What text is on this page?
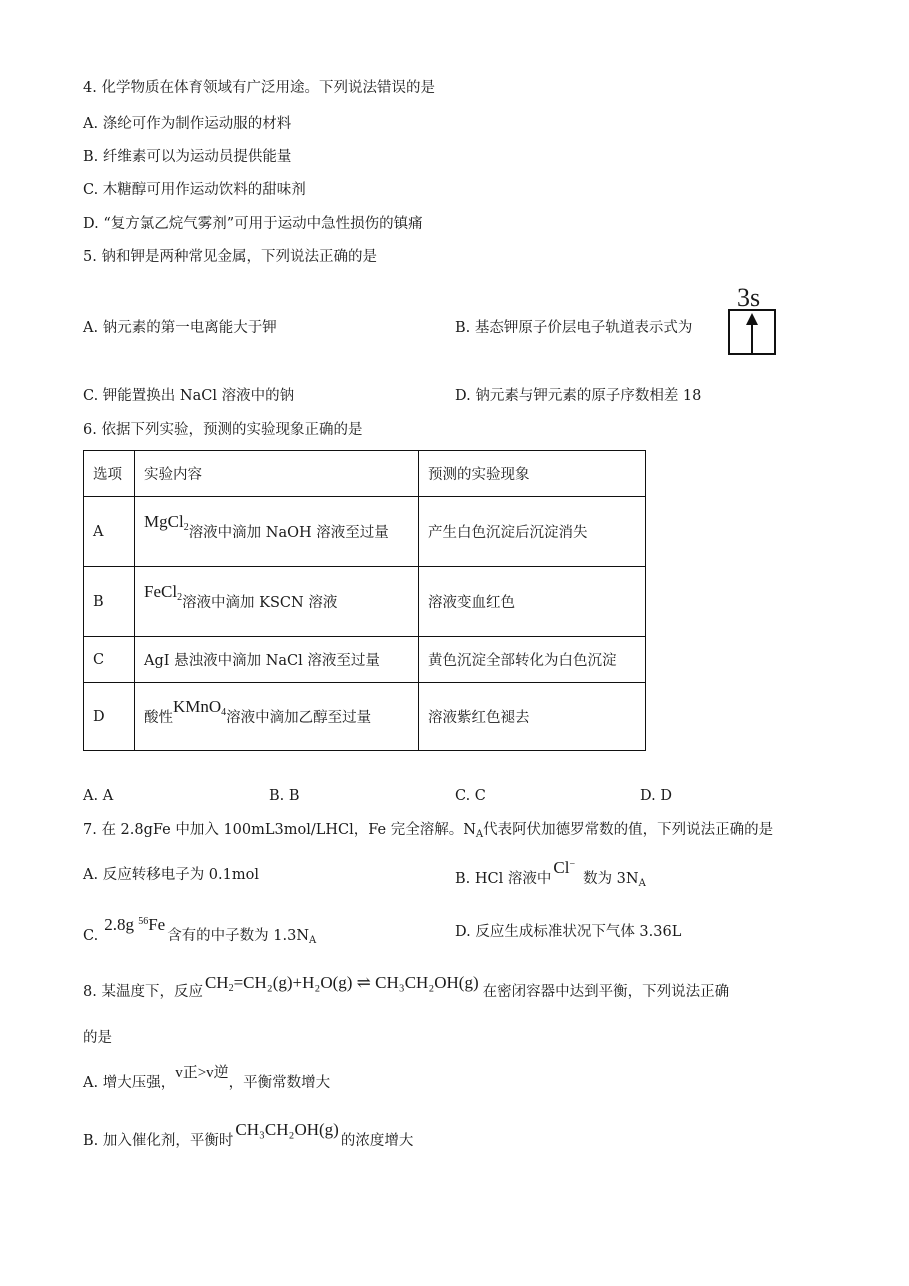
4. 化学物质在体育领域有广泛用途。下列说法错误的是
A. 涤纶可作为制作运动服的材料
B. 纤维素可以为运动员提供能量
C. 木糖醇可用作运动饮料的甜味剂
D. “复方氯乙烷气雾剂”可用于运动中急性损伤的镇痛
5. 钠和钾是两种常见金属，下列说法正确的是
A. 钠元素的第一电离能大于钾	B. 基态钾原子价层电子轨道表示式为
3s
C. 钾能置换出 NaCl 溶液中的钠	D. 钠元素与钾元素的原子序数相差 18
6. 依据下列实验，预测的实验现象正确的是
选项	实验内容	预测的实验现象
A	MgCl$_2$溶液中滴加 NaOH 溶液至过量	产生白色沉淀后沉淀消失
B	FeCl$_2$溶液中滴加 KSCN 溶液	溶液变血红色
C	AgI 悬浊液中滴加 NaCl 溶液至过量	黄色沉淀全部转化为白色沉淀
D	酸性KMnO$_4$溶液中滴加乙醇至过量	溶液紫红色褪去
A. A	B. B	C. C	D. D
7. 在 2.8gFe 中加入 100mL3mol/LHCl，Fe 完全溶解。$N_A$代表阿伏加德罗常数的值，下列说法正确的是
A. 反应转移电子为 0.1mol	B. HCl 溶液中Cl−数为 $3N_A$
C.2.8g $^{56}$Fe含有的中子数为 $1.3N_A$
D. 反应生成标准状况下气体 3.36L
8. 某温度下，反应 $CH_2=CH_2(g)+H_2O(g)$ ⇌ CH₃CH₂OH(g) 在密闭容器中达到平衡，下列说法正确
的是
A. 增大压强，v正>v逆，平衡常数增大
B. 加入催化剂，平衡时CH₃CH₂OH(g)的浓度增大
